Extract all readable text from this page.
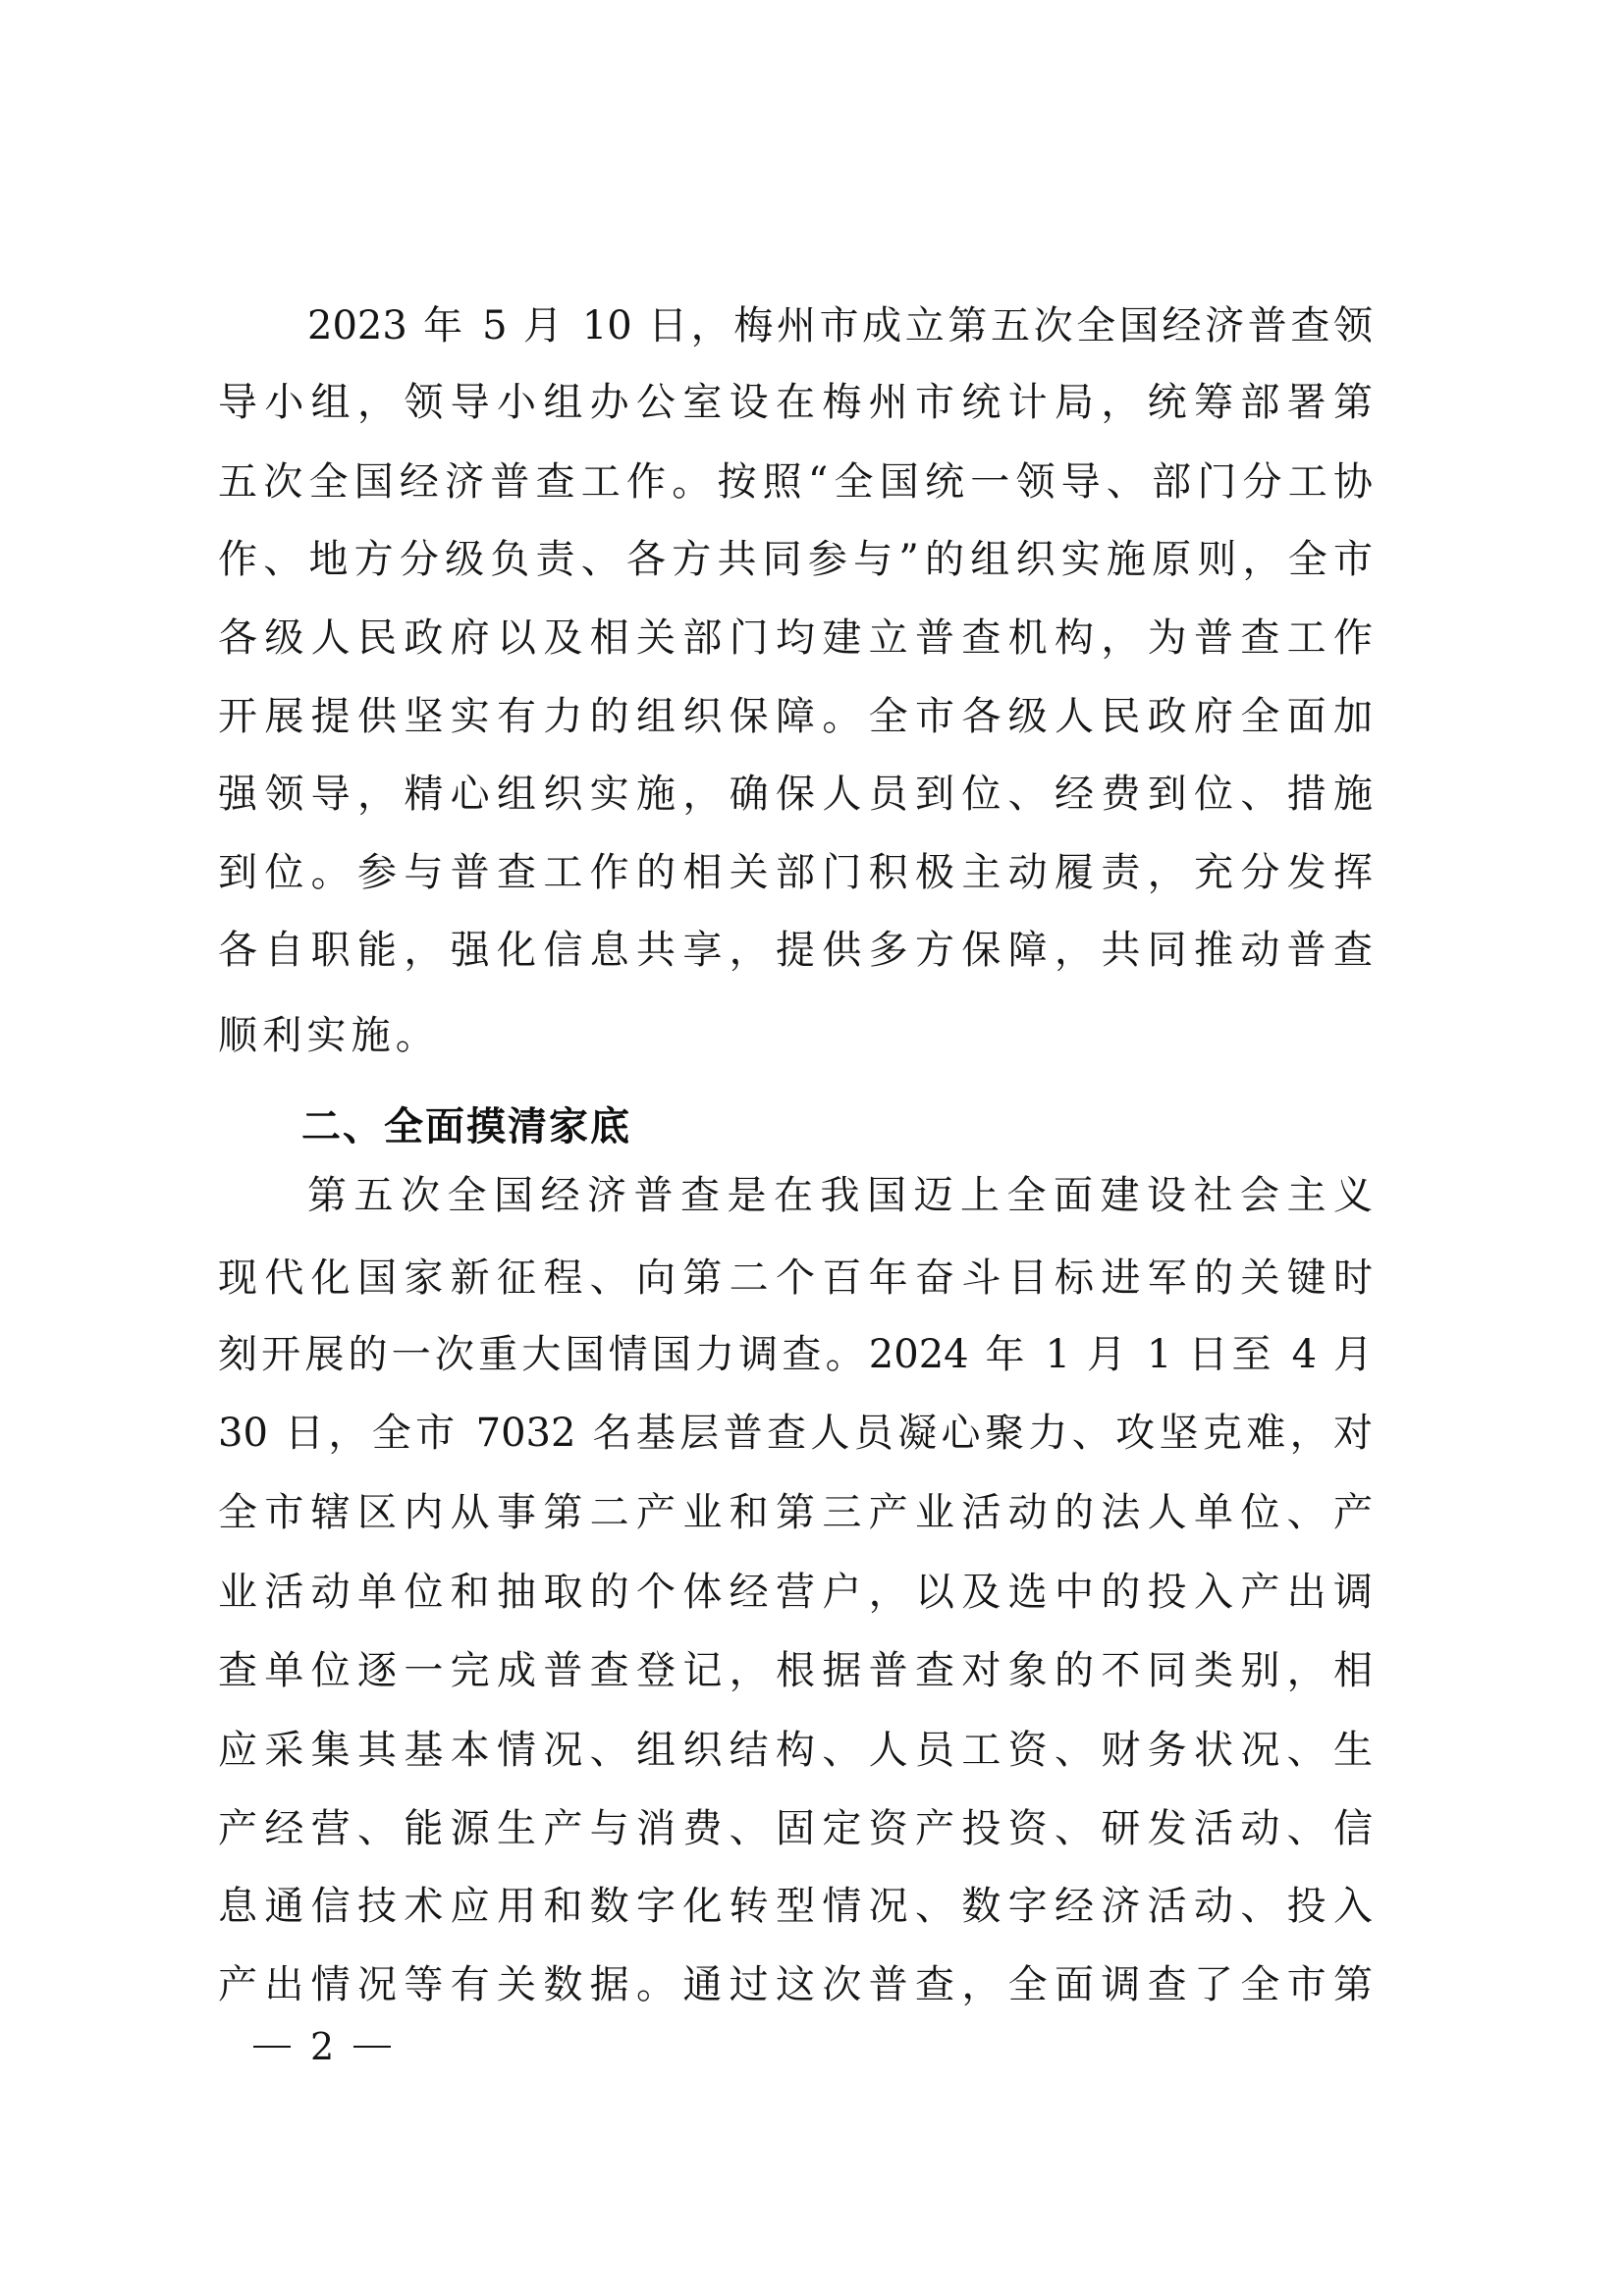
2023 年 5 月 10 日，梅州市成立第五次全国经济普查领
导小组，领导小组办公室设在梅州市统计局，统筹部署第
五次全国经济普查工作。按照“全国统一领导、部门分工协
作、地方分级负责、各方共同参与”的组织实施原则，全市
各级人民政府以及相关部门均建立普查机构，为普查工作
开展提供坚实有力的组织保障。全市各级人民政府全面加
强领导，精心组织实施，确保人员到位、经费到位、措施
到位。参与普查工作的相关部门积极主动履责，充分发挥
各自职能，强化信息共享，提供多方保障，共同推动普查
顺利实施。
二、全面摸清家底
第五次全国经济普查是在我国迈上全面建设社会主义
现代化国家新征程、向第二个百年奋斗目标进军的关键时
刻开展的一次重大国情国力调查。2024 年 1 月 1 日至 4 月
30 日，全市 7032 名基层普查人员凝心聚力、攻坚克难，对
全市辖区内从事第二产业和第三产业活动的法人单位、产
业活动单位和抽取的个体经营户，以及选中的投入产出调
查单位逐一完成普查登记，根据普查对象的不同类别，相
应采集其基本情况、组织结构、人员工资、财务状况、生
产经营、能源生产与消费、固定资产投资、研发活动、信
息通信技术应用和数字化转型情况、数字经济活动、投入
产出情况等有关数据。通过这次普查，全面调查了全市第
2
